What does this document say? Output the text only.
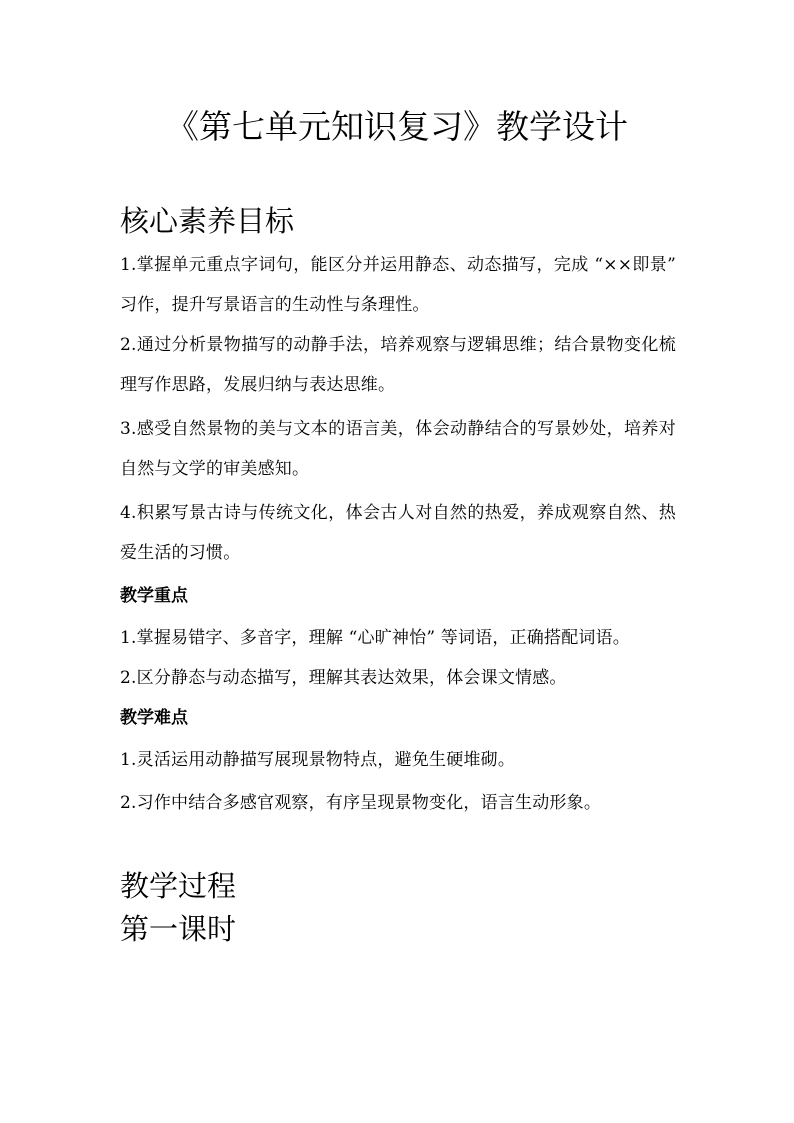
《第七单元知识复习》教学设计
核心素养目标

1.掌握单元重点字词句，能区分并运用静态、动态描写，完成 “××即景” 习作，提升写景语言的生动性与条理性。

2.通过分析景物描写的动静手法，培养观察与逻辑思维；结合景物变化梳理写作思路，发展归纳与表达思维。

3.感受自然景物的美与文本的语言美，体会动静结合的写景妙处，培养对自然与文学的审美感知。

4.积累写景古诗与传统文化，体会古人对自然的热爱，养成观察自然、热爱生活的习惯。

教学重点

1.掌握易错字、多音字，理解 “心旷神怡” 等词语，正确搭配词语。

2.区分静态与动态描写，理解其表达效果，体会课文情感。

教学难点

1.灵活运用动静描写展现景物特点，避免生硬堆砌。

2.习作中结合多感官观察，有序呈现景物变化，语言生动形象。

教学过程
第一课时
